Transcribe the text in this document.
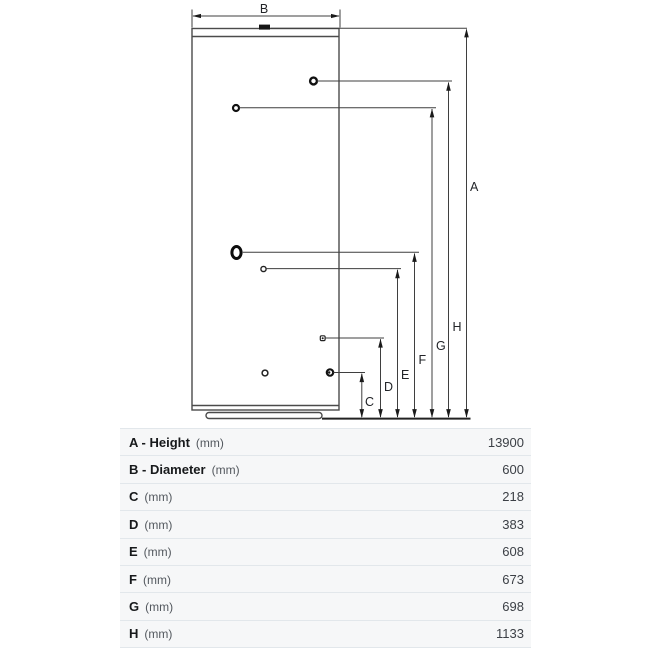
B
A
H
G
F
E
D
C
A - Height (mm)	13900
B - Diameter (mm)	600
C (mm)	218
D (mm)	383
E (mm)	608
F (mm)	673
G (mm)	698
H (mm)	1133
